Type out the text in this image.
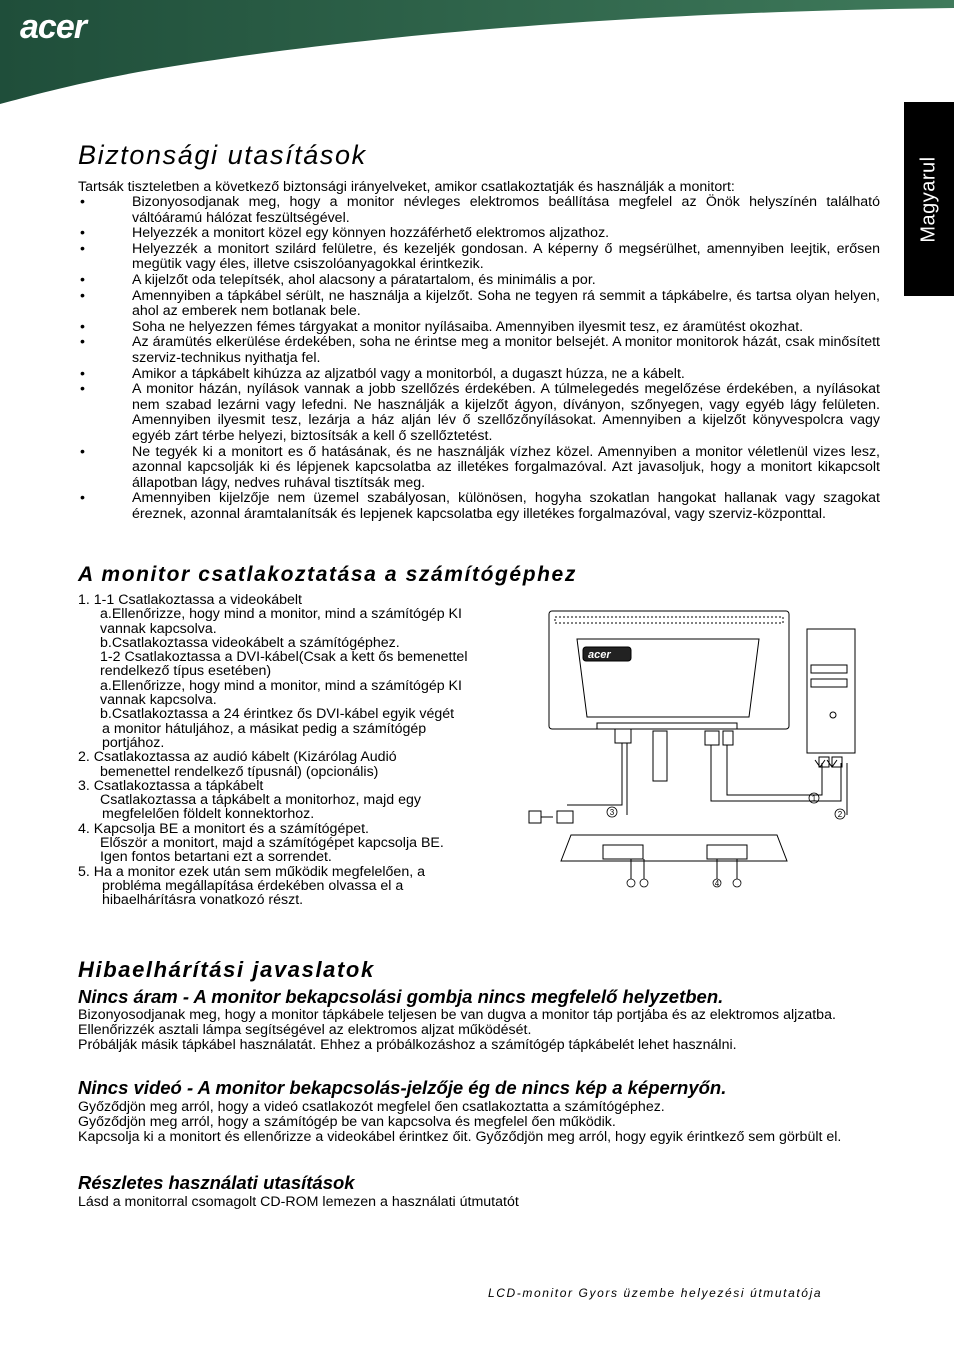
acer
Magyarul
Biztonsági utasítások
Tartsák tiszteletben a következő biztonsági irányelveket, amikor csatlakoztatják és használják a monitort:
•	Bizonyosodjanak meg, hogy a monitor névleges elektromos beállítása megfelel az Önök helyszínén található váltóáramú hálózat feszültségével.
•	Helyezzék a monitort közel egy könnyen hozzáférhető elektromos aljzathoz.
•	Helyezzék a monitort szilárd felületre, és kezeljék gondosan. A képerny ő megsérülhet, amennyiben leejtik, erősen megütik vagy éles, illetve csiszolóanyagokkal érintkezik.
•	A kijelzőt oda telepítsék, ahol alacsony a páratartalom, és minimális a por.
•	Amennyiben a tápkábel sérült, ne használja a kijelzőt. Soha ne tegyen rá semmit a tápkábelre, és tartsa olyan helyen, ahol az emberek nem botlanak bele.
•	Soha ne helyezzen fémes tárgyakat a monitor nyílásaiba. Amennyiben ilyesmit tesz, ez áramütést okozhat.
•	Az áramütés elkerülése érdekében, soha ne érintse meg a monitor belsejét. A monitor monitorok házát, csak minősített szerviz-technikus nyithatja fel.
•	Amikor a tápkábelt kihúzza az aljzatból vagy a monitorból, a dugaszt húzza, ne a kábelt.
•	A monitor házán, nyílások vannak a jobb szellőzés érdekében. A túlmelegedés megelőzése érdekében, a nyílásokat nem szabad lezárni vagy lefedni. Ne használják a kijelzőt ágyon, díványon, szőnyegen, vagy egyéb lágy felületen. Amennyiben ilyesmit tesz, lezárja a ház alján lév ő szellőzőnyílásokat. Amennyiben a kijelzőt könyvespolcra vagy egyéb zárt térbe helyezi, biztosítsák a kell ő szellőztetést.
•	Ne tegyék ki a monitort es ő hatásának, és ne használják vízhez közel. Amennyiben a monitor véletlenül vizes lesz, azonnal kapcsolják ki és lépjenek kapcsolatba az illetékes forgalmazóval. Azt javasoljuk, hogy a monitort kikapcsolt állapotban lágy, nedves ruhával tisztítsák meg.
•	Amennyiben kijelzője nem üzemel szabályosan, különösen, hogyha szokatlan hangokat hallanak vagy szagokat éreznek, azonnal áramtalanítsák és lepjenek kapcsolatba egy illetékes forgalmazóval, vagy szerviz-központtal.
A monitor csatlakoztatása a számítógéphez
1. 1-1 Csatlakoztassa a videokábelt
a.Ellenőrizze, hogy mind a monitor, mind a számítógép KI
vannak kapcsolva.
b.Csatlakoztassa videokábelt a számítógéphez.
1-2 Csatlakoztassa a DVI-kábel(Csak a kett ős bemenettel
rendelkező típus esetében)
a.Ellenőrizze, hogy mind a monitor, mind a számítógép KI
vannak kapcsolva.
b.Csatlakoztassa a 24 érintkez ős DVI-kábel egyik végét
a monitor hátuljához, a másikat pedig a számítógép
portjához.
2. Csatlakoztassa az audió kábelt (Kizárólag Audió
bemenettel rendelkező típusnál) (opcionális)
3. Csatlakoztassa a tápkábelt
Csatlakoztassa a tápkábelt a monitorhoz, majd egy
megfelelően földelt konnektorhoz.
4. Kapcsolja BE a monitort és a számítógépet.
Először a monitort, majd a számítógépet kapcsolja BE.
Igen fontos betartani ezt a sorrendet.
5. Ha a monitor ezek után sem működik megfelelően, a
probléma megállapítása érdekében olvassa el a
hibaelhárításra vonatkozó részt.
acer
1
2
3
4
Hibaelhárítási javaslatok
Nincs áram - A monitor bekapcsolási gombja nincs megfelelő helyzetben.
Bizonyosodjanak meg, hogy a monitor tápkábele teljesen be van dugva a monitor táp portjába és az elektromos aljzatba.
Ellenőrizzék asztali lámpa segítségével az elektromos aljzat működését.
Próbálják másik tápkábel használatát. Ehhez a próbálkozáshoz a számítógép tápkábelét lehet használni.
Nincs videó - A monitor bekapcsolás-jelzője ég de nincs kép a képernyőn.
Győződjön meg arról, hogy a videó csatlakozót megfelel ően csatlakoztatta a számítógéphez.
Győződjön meg arról, hogy a számítógép be van kapcsolva és megfelel ően működik.
Kapcsolja ki a monitort és ellenőrizze a videokábel érintkez őit. Győződjön meg arról, hogy egyik érintkező sem görbült el.
Részletes használati utasítások
Lásd a monitorral csomagolt CD-ROM lemezen a használati útmutatót
LCD-monitor Gyors üzembe helyezési útmutatója
